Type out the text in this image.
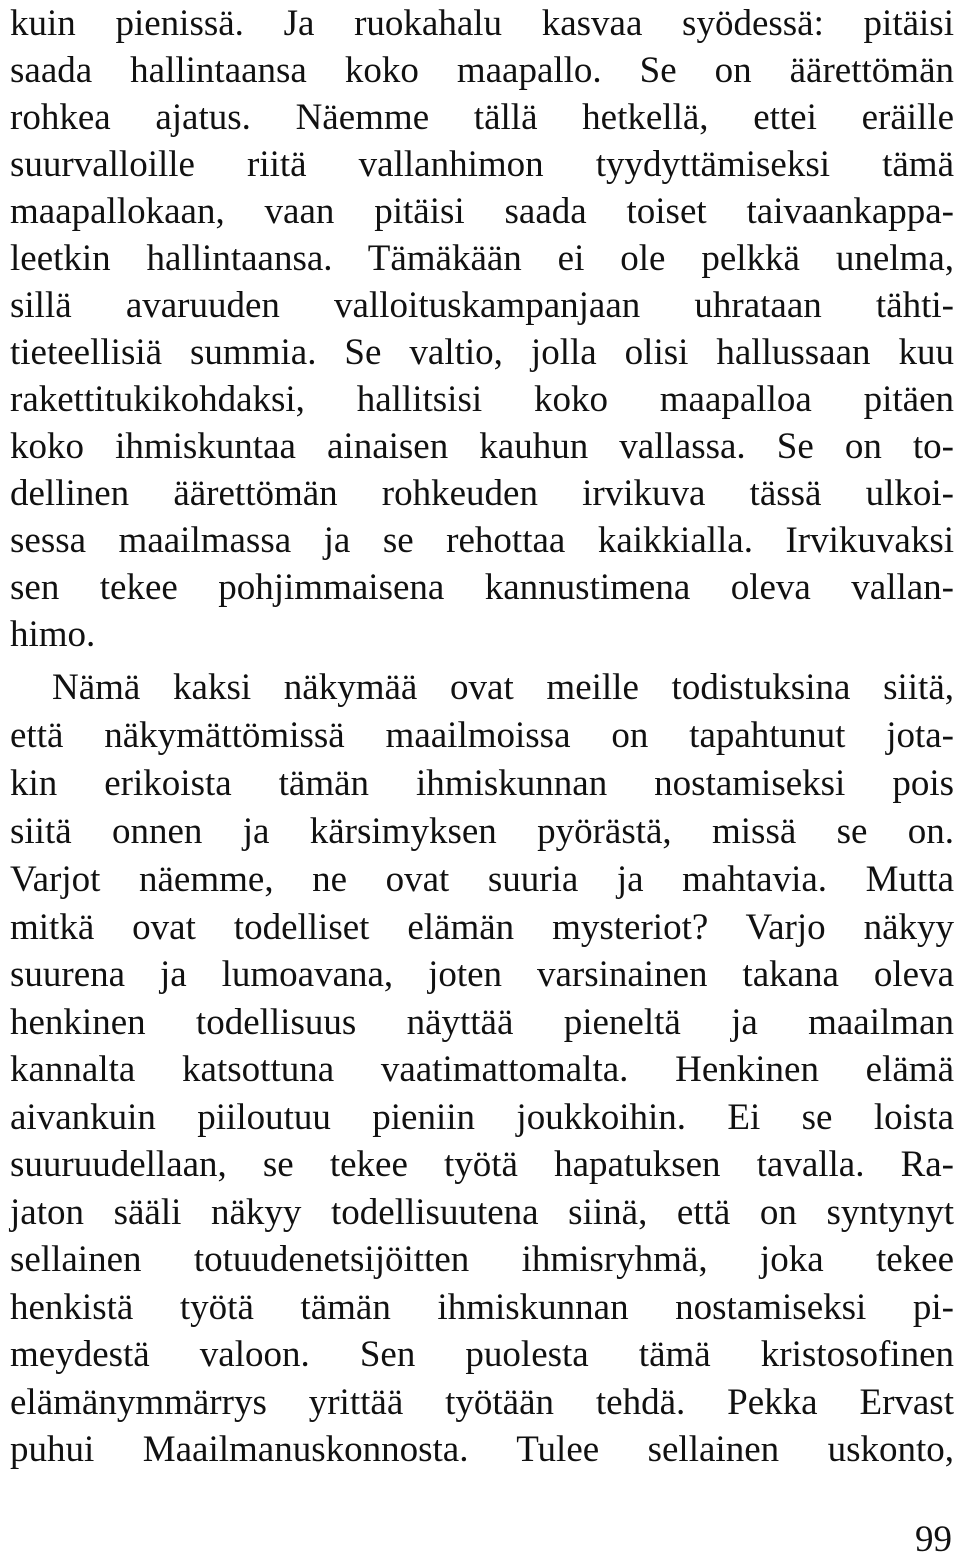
kuin pienissä. Ja ruokahalu kasvaa syödessä: pitäisi
saada hallintaansa koko maapallo. Se on äärettömän
rohkea ajatus. Näemme tällä hetkellä, ettei eräille
suurvalloille riitä vallanhimon tyydyttämiseksi tämä
maapallokaan, vaan pitäisi saada toiset taivaankappa-
leetkin hallintaansa. Tämäkään ei ole pelkkä unelma,
sillä avaruuden valloituskampanjaan uhrataan tähti-
tieteellisiä summia. Se valtio, jolla olisi hallussaan kuu
rakettitukikohdaksi, hallitsisi koko maapalloa pitäen
koko ihmiskuntaa ainaisen kauhun vallassa. Se on to-
dellinen äärettömän rohkeuden irvikuva tässä ulkoi-
sessa maailmassa ja se rehottaa kaikkialla. Irvikuvaksi
sen tekee pohjimmaisena kannustimena oleva vallan-
himo.
Nämä kaksi näkymää ovat meille todistuksina siitä,
että näkymättömissä maailmoissa on tapahtunut jota-
kin erikoista tämän ihmiskunnan nostamiseksi pois
siitä onnen ja kärsimyksen pyörästä, missä se on.
Varjot näemme, ne ovat suuria ja mahtavia. Mutta
mitkä ovat todelliset elämän mysteriot? Varjo näkyy
suurena ja lumoavana, joten varsinainen takana oleva
henkinen todellisuus näyttää pieneltä ja maailman
kannalta katsottuna vaatimattomalta. Henkinen elämä
aivankuin piiloutuu pieniin joukkoihin. Ei se loista
suuruudellaan, se tekee työtä hapatuksen tavalla. Ra-
jaton sääli näkyy todellisuutena siinä, että on syntynyt
sellainen totuudenetsijöitten ihmisryhmä, joka tekee
henkistä työtä tämän ihmiskunnan nostamiseksi pi-
meydestä valoon. Sen puolesta tämä kristosofinen
elämänymmärrys yrittää työtään tehdä. Pekka Ervast
puhui Maailmanuskonnosta. Tulee sellainen uskonto,
99
